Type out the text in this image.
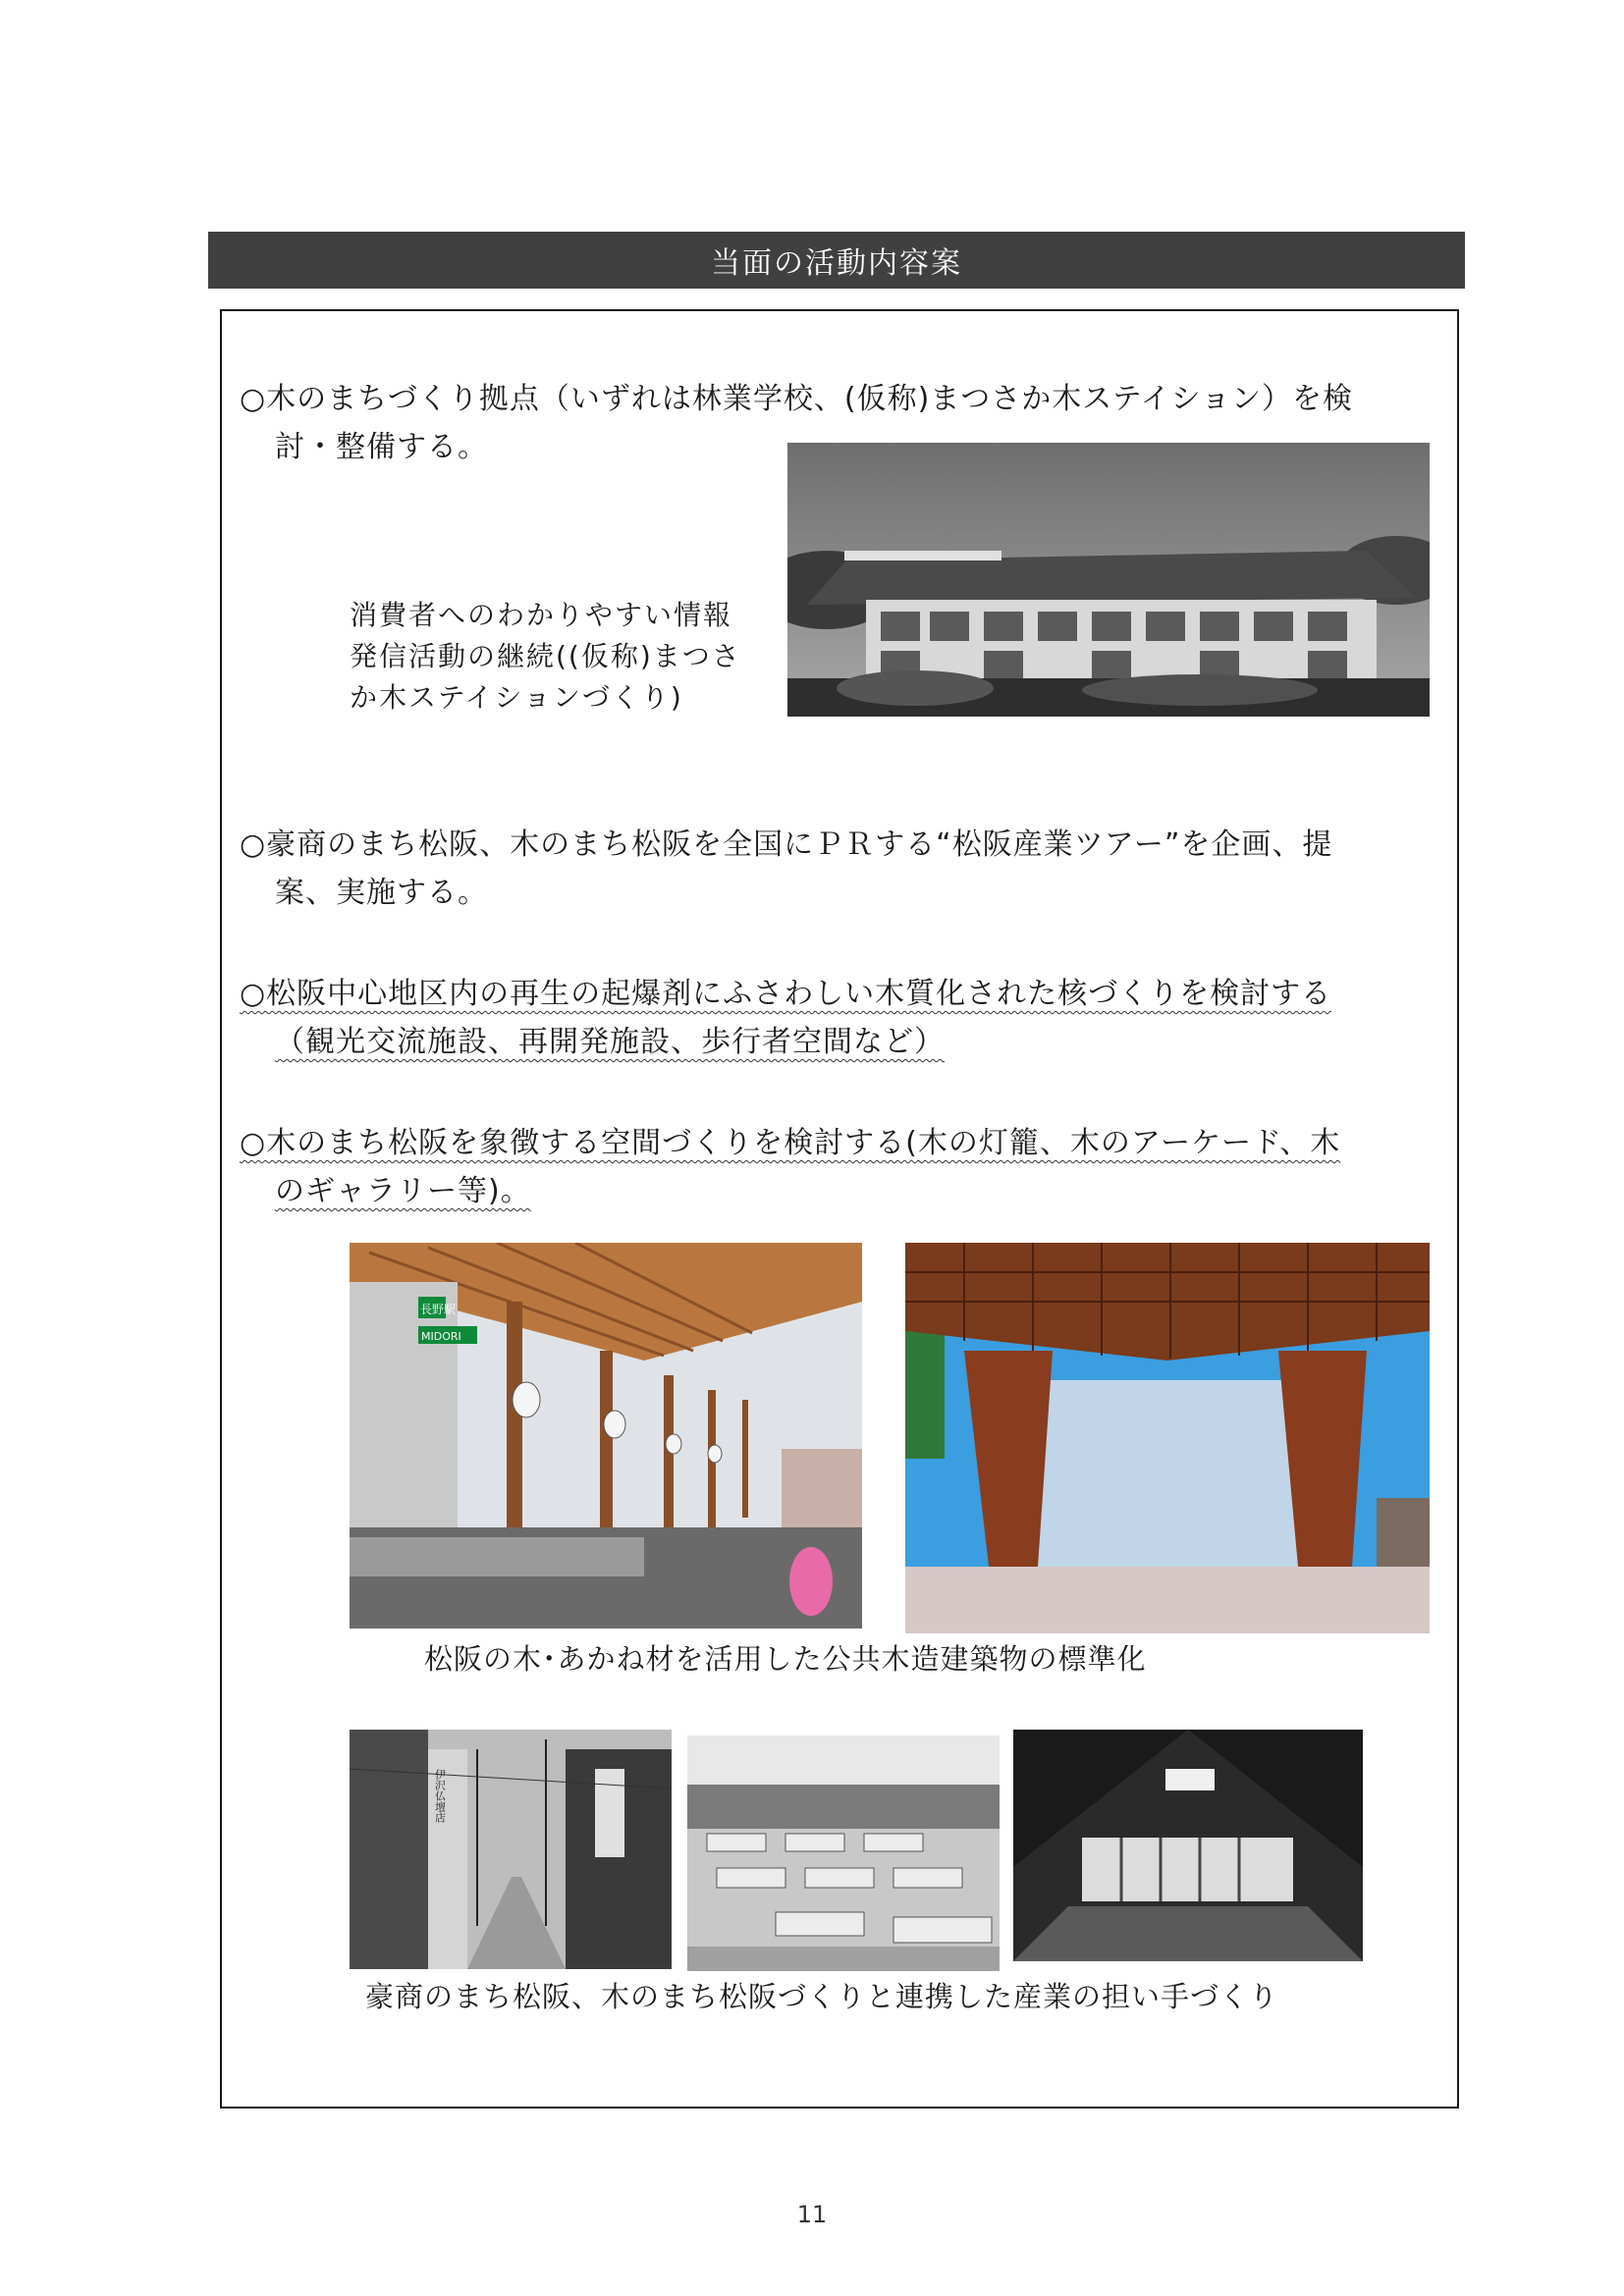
当面の活動内容案
○木のまちづくり拠点（いずれは林業学校、(仮称)まつさか木ステイション）を検
討・整備する。
消費者へのわかりやすい情報
発信活動の継続((仮称)まつさ
か木ステイションづくり)
○豪商のまち松阪、木のまち松阪を全国にＰＲする“松阪産業ツアー”を企画、提
案、実施する。
○松阪中心地区内の再生の起爆剤にふさわしい木質化された核づくりを検討する
（観光交流施設、再開発施設、歩行者空間など）
○木のまち松阪を象徴する空間づくりを検討する(木の灯籠、木のアーケード、木
のギャラリー等)。
長野駅
MIDORI
松阪の木･あかね材を活用した公共木造建築物の標準化
伊沢仏壇店
豪商のまち松阪、木のまち松阪づくりと連携した産業の担い手づくり
11
